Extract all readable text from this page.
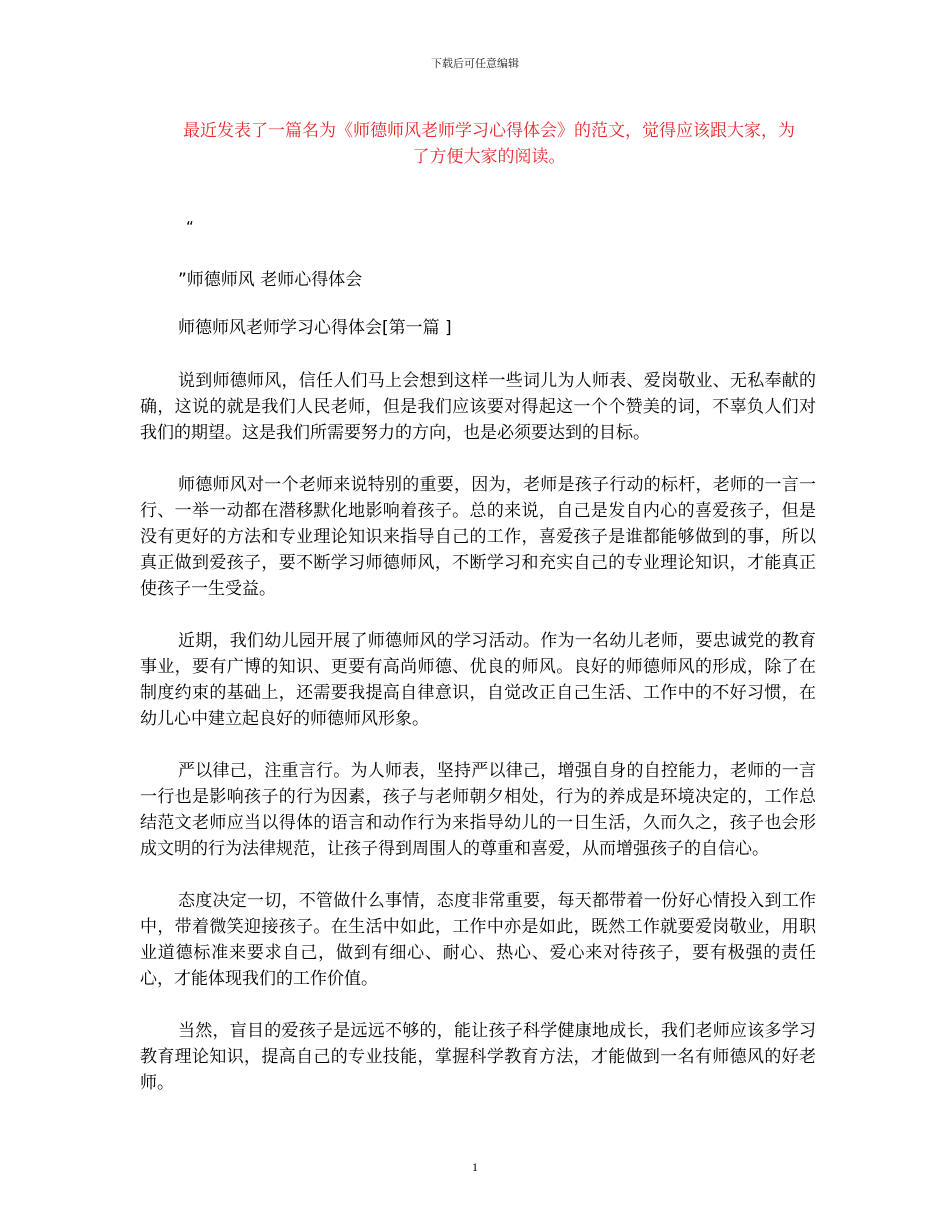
下载后可任意编辑
最近发表了一篇名为《师德师风老师学习心得体会》的范文，觉得应该跟大家，为了方便大家的阅读。
“
”师德师风 老师心得体会
师德师风老师学习心得体会[第一篇 ]

说到师德师风，信任人们马上会想到这样一些词儿为人师表、爱岗敬业、无私奉献的确，这说的就是我们人民老师，但是我们应该要对得起这一个个赞美的词，不辜负人们对我们的期望。这是我们所需要努力的方向，也是必须要达到的目标。

师德师风对一个老师来说特别的重要，因为，老师是孩子行动的标杆，老师的一言一行、一举一动都在潜移默化地影响着孩子。总的来说，自己是发自内心的喜爱孩子，但是没有更好的方法和专业理论知识来指导自己的工作，喜爱孩子是谁都能够做到的事，所以真正做到爱孩子，要不断学习师德师风，不断学习和充实自己的专业理论知识，才能真正使孩子一生受益。

近期，我们幼儿园开展了师德师风的学习活动。作为一名幼儿老师，要忠诚党的教育事业，要有广博的知识、更要有高尚师德、优良的师风。良好的师德师风的形成，除了在制度约束的基础上，还需要我提高自律意识，自觉改正自己生活、工作中的不好习惯，在幼儿心中建立起良好的师德师风形象。

严以律己，注重言行。为人师表，坚持严以律己，增强自身的自控能力，老师的一言一行也是影响孩子的行为因素，孩子与老师朝夕相处，行为的养成是环境决定的，工作总结范文老师应当以得体的语言和动作行为来指导幼儿的一日生活，久而久之，孩子也会形成文明的行为法律规范，让孩子得到周围人的尊重和喜爱，从而增强孩子的自信心。

态度决定一切，不管做什么事情，态度非常重要，每天都带着一份好心情投入到工作中，带着微笑迎接孩子。在生活中如此，工作中亦是如此，既然工作就要爱岗敬业，用职业道德标准来要求自己，做到有细心、耐心、热心、爱心来对待孩子，要有极强的责任心，才能体现我们的工作价值。

当然，盲目的爱孩子是远远不够的，能让孩子科学健康地成长，我们老师应该多学习教育理论知识，提高自己的专业技能，掌握科学教育方法，才能做到一名有师德风的好老师。

1
